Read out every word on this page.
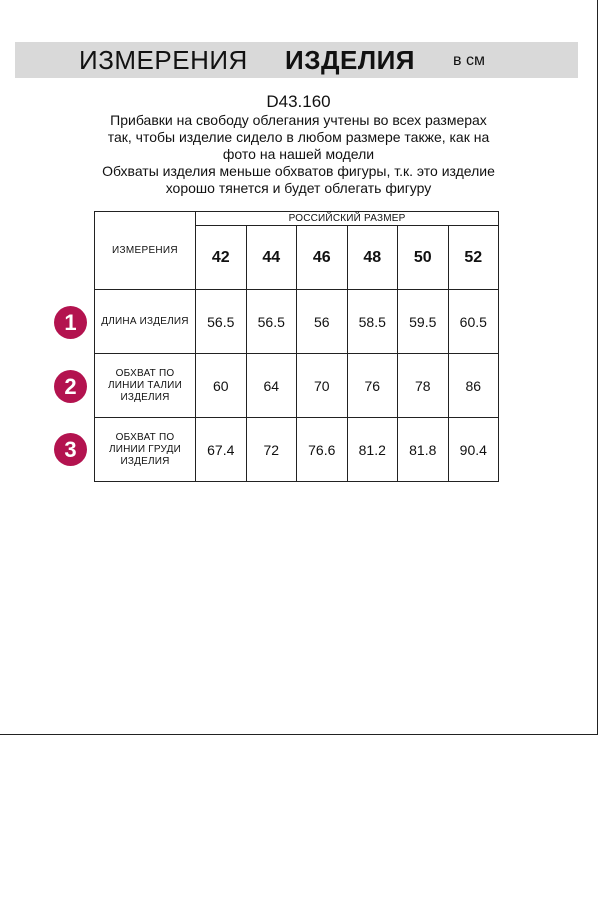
ИЗМЕРЕНИЯ ИЗДЕЛИЯ в см
D43.160
Прибавки на свободу облегания учтены во всех размерах
так, чтобы изделие сидело в любом размере также, как на
фото на нашей модели
Обхваты изделия меньше обхватов фигуры, т.к. это изделие
хорошо тянется и будет облегать фигуру
1
2
3
ИЗМЕРЕНИЯ	РОССИЙСКИЙ РАЗМЕР					
	42	44	46	48	50	52

ДЛИНА ИЗДЕЛИЯ	56.5	56.5	56	58.5	59.5	60.5

ОБХВАТ ПО
ЛИНИИ ТАЛИИ
ИЗДЕЛИЯ	60	64	70	76	78	86

ОБХВАТ ПО
ЛИНИИ ГРУДИ
ИЗДЕЛИЯ	67.4	72	76.6	81.2	81.8	90.4
